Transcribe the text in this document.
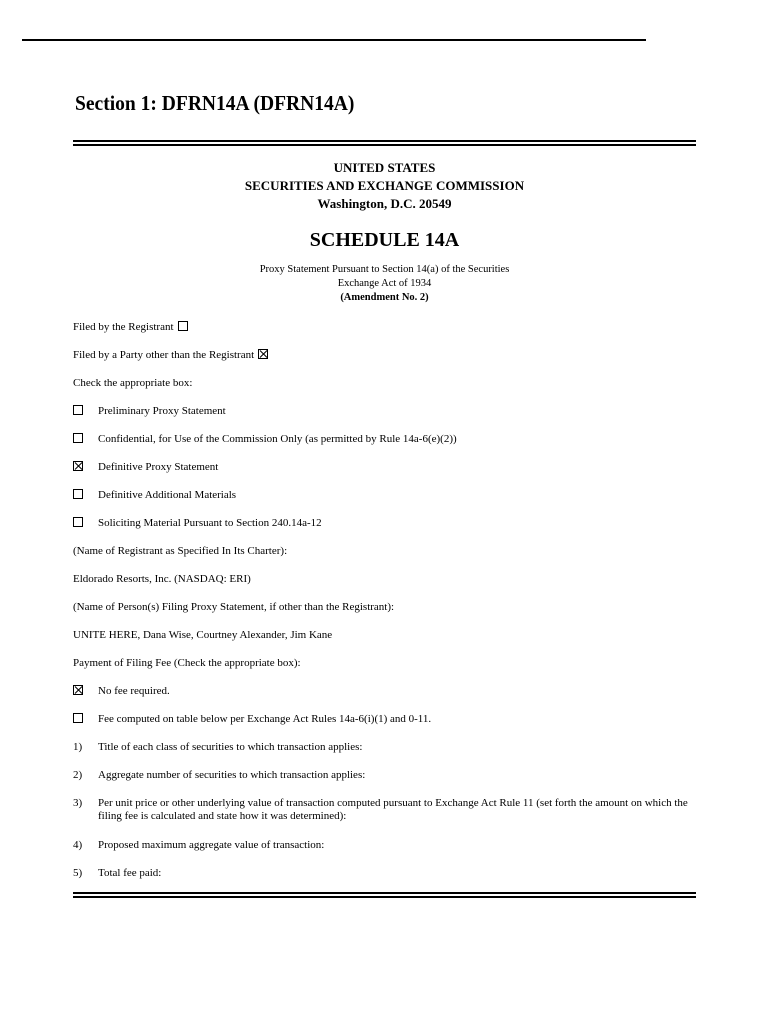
Section 1: DFRN14A (DFRN14A)
UNITED STATES
SECURITIES AND EXCHANGE COMMISSION
Washington, D.C. 20549
SCHEDULE 14A
Proxy Statement Pursuant to Section 14(a) of the Securities
Exchange Act of 1934
(Amendment No. 2)
Filed by the Registrant
Filed by a Party other than the Registrant
Check the appropriate box:
Preliminary Proxy Statement
Confidential, for Use of the Commission Only (as permitted by Rule 14a-6(e)(2))
Definitive Proxy Statement
Definitive Additional Materials
Soliciting Material Pursuant to Section 240.14a-12
(Name of Registrant as Specified In Its Charter):
Eldorado Resorts, Inc. (NASDAQ: ERI)
(Name of Person(s) Filing Proxy Statement, if other than the Registrant):
UNITE HERE, Dana Wise, Courtney Alexander, Jim Kane
Payment of Filing Fee (Check the appropriate box):
No fee required.
Fee computed on table below per Exchange Act Rules 14a-6(i)(1) and 0-11.
1)	Title of each class of securities to which transaction applies:
2)	Aggregate number of securities to which transaction applies:
3)	Per unit price or other underlying value of transaction computed pursuant to Exchange Act Rule 11 (set forth the amount on which the filing fee is calculated and state how it was determined):
4)	Proposed maximum aggregate value of transaction:
5)	Total fee paid:
